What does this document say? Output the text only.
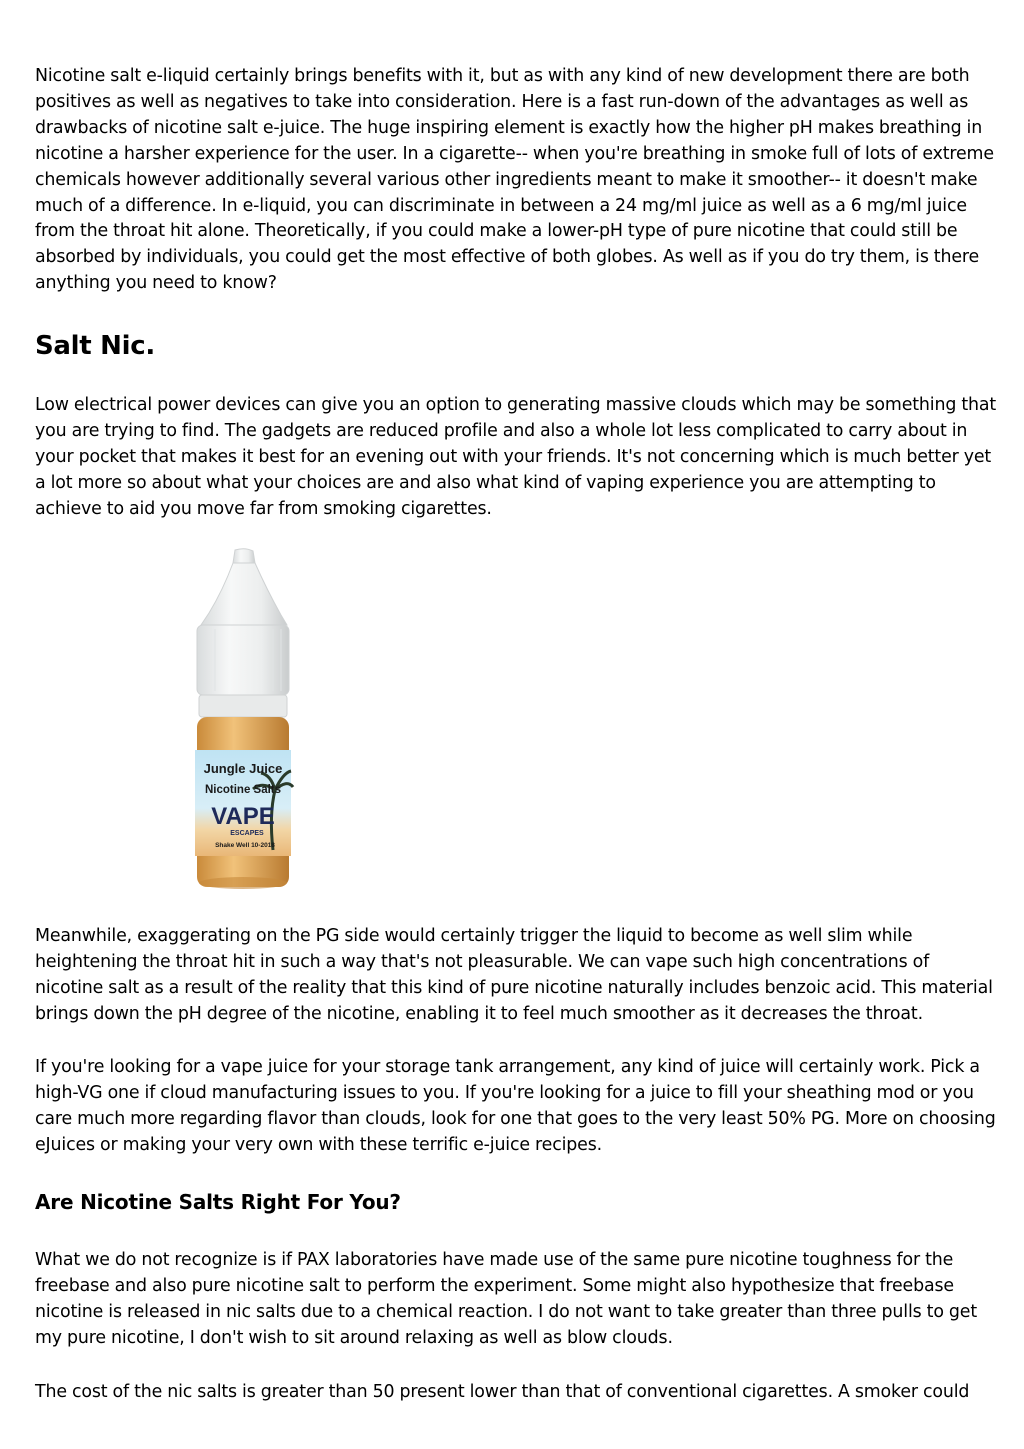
Nicotine salt e-liquid certainly brings benefits with it, but as with any kind of new development there are both positives as well as negatives to take into consideration. Here is a fast run-down of the advantages as well as drawbacks of nicotine salt e-juice. The huge inspiring element is exactly how the higher pH makes breathing in nicotine a harsher experience for the user. In a cigarette-- when you're breathing in smoke full of lots of extreme chemicals however additionally several various other ingredients meant to make it smoother-- it doesn't make much of a difference. In e-liquid, you can discriminate in between a 24 mg/ml juice as well as a 6 mg/ml juice from the throat hit alone. Theoretically, if you could make a lower-pH type of pure nicotine that could still be absorbed by individuals, you could get the most effective of both globes. As well as if you do try them, is there anything you need to know?

Salt Nic.

Low electrical power devices can give you an option to generating massive clouds which may be something that you are trying to find. The gadgets are reduced profile and also a whole lot less complicated to carry about in your pocket that makes it best for an evening out with your friends. It's not concerning which is much better yet a lot more so about what your choices are and also what kind of vaping experience you are attempting to achieve to aid you move far from smoking cigarettes.

Jungle Juice
Nicotine Salts
VAPE
ESCAPES
Shake Well 10-2018

Meanwhile, exaggerating on the PG side would certainly trigger the liquid to become as well slim while heightening the throat hit in such a way that's not pleasurable. We can vape such high concentrations of nicotine salt as a result of the reality that this kind of pure nicotine naturally includes benzoic acid. This material brings down the pH degree of the nicotine, enabling it to feel much smoother as it decreases the throat.

If you're looking for a vape juice for your storage tank arrangement, any kind of juice will certainly work. Pick a high-VG one if cloud manufacturing issues to you. If you're looking for a juice to fill your sheathing mod or you care much more regarding flavor than clouds, look for one that goes to the very least 50% PG. More on choosing eJuices or making your very own with these terrific e-juice recipes.

Are Nicotine Salts Right For You?

What we do not recognize is if PAX laboratories have made use of the same pure nicotine toughness for the freebase and also pure nicotine salt to perform the experiment. Some might also hypothesize that freebase nicotine is released in nic salts due to a chemical reaction. I do not want to take greater than three pulls to get my pure nicotine, I don't wish to sit around relaxing as well as blow clouds.

The cost of the nic salts is greater than 50 present lower than that of conventional cigarettes. A smoker could
